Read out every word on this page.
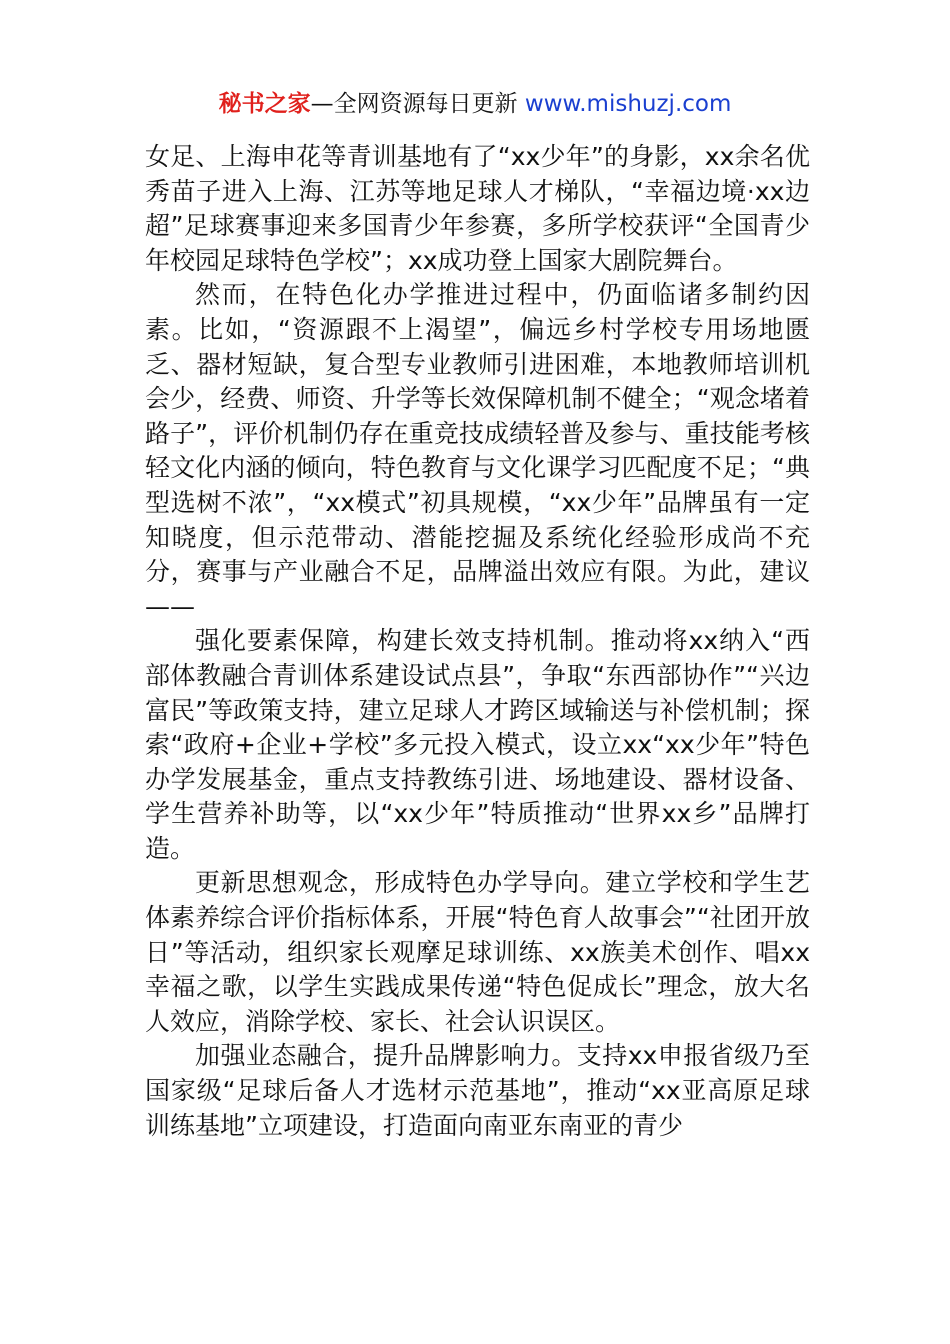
秘书之家—全网资源每日更新 www.mishuzj.com

女足、上海申花等青训基地有了“xx少年”的身影，xx余名优秀苗子进入上海、江苏等地足球人才梯队，“幸福边境·xx边超”足球赛事迎来多国青少年参赛，多所学校获评“全国青少年校园足球特色学校”；xx成功登上国家大剧院舞台。

然而，在特色化办学推进过程中，仍面临诸多制约因素。比如，“资源跟不上渴望”，偏远乡村学校专用场地匮乏、器材短缺，复合型专业教师引进困难，本地教师培训机会少，经费、师资、升学等长效保障机制不健全；“观念堵着路子”，评价机制仍存在重竞技成绩轻普及参与、重技能考核轻文化内涵的倾向，特色教育与文化课学习匹配度不足；“典型选树不浓”，“xx模式”初具规模，“xx少年”品牌虽有一定知晓度，但示范带动、潜能挖掘及系统化经验形成尚不充分，赛事与产业融合不足，品牌溢出效应有限。为此，建议——

强化要素保障，构建长效支持机制。推动将xx纳入“西部体教融合青训体系建设试点县”，争取“东西部协作”“兴边富民”等政策支持，建立足球人才跨区域输送与补偿机制；探索“政府+企业+学校”多元投入模式，设立xx“xx少年”特色办学发展基金，重点支持教练引进、场地建设、器材设备、学生营养补助等，以“xx少年”特质推动“世界xx乡”品牌打造。

更新思想观念，形成特色办学导向。建立学校和学生艺体素养综合评价指标体系，开展“特色育人故事会”“社团开放日”等活动，组织家长观摩足球训练、xx族美术创作、唱xx幸福之歌，以学生实践成果传递“特色促成长”理念，放大名人效应，消除学校、家长、社会认识误区。

加强业态融合，提升品牌影响力。支持xx申报省级乃至国家级“足球后备人才选材示范基地”，推动“xx亚高原足球训练基地”立项建设，打造面向南亚东南亚的青少
